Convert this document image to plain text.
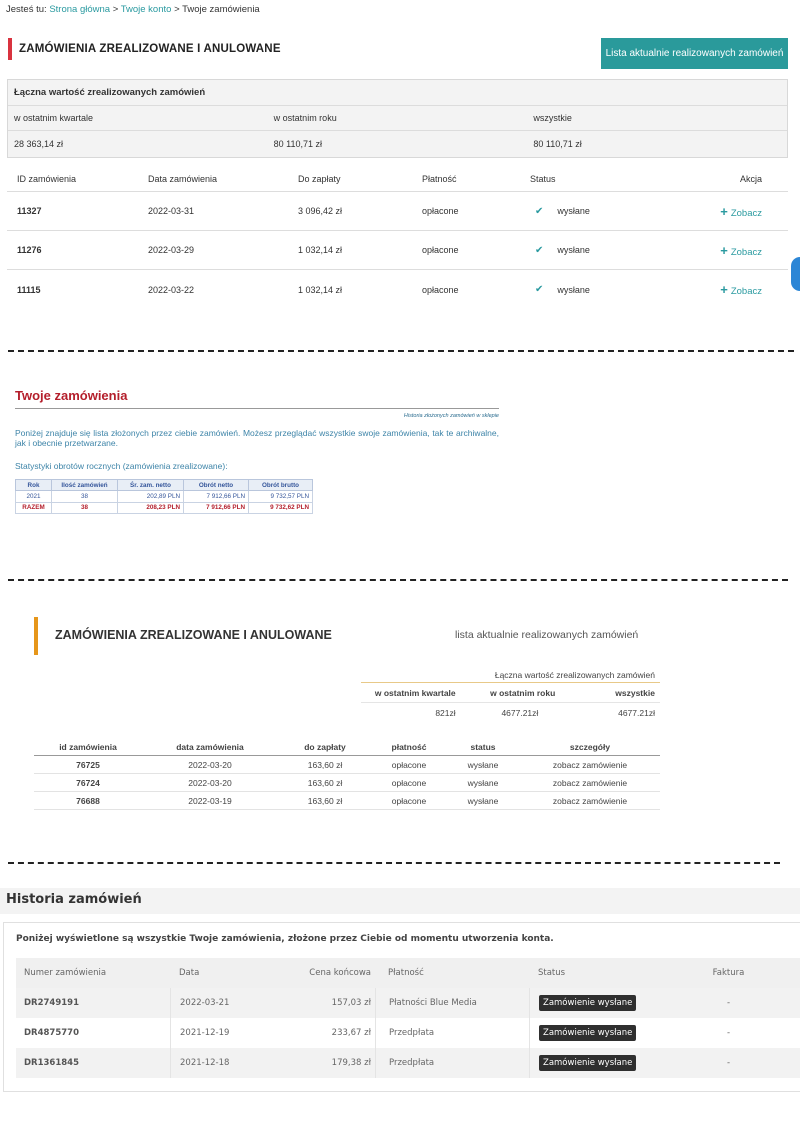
Jesteś tu: Strona główna > Twoje konto > Twoje zamówienia
ZAMÓWIENIA ZREALIZOWANE I ANULOWANE	Lista aktualnie realizowanych zamówień
Łączna wartość zrealizowanych zamówień
w ostatnim kwartale	w ostatnim roku	wszystkie
28 363,14 zł	80 110,71 zł	80 110,71 zł
ID zamówienia	Data zamówienia	Do zapłaty	Płatność	Status	Akcja
11327	2022-03-31	3 096,42 zł	opłacone	✔ wysłane	+ Zobacz
11276	2022-03-29	1 032,14 zł	opłacone	✔ wysłane	+ Zobacz
11115	2022-03-22	1 032,14 zł	opłacone	✔ wysłane	+ Zobacz
Twoje zamówienia
Historia złożonych zamówień w sklepie
Poniżej znajduje się lista złożonych przez ciebie zamówień. Możesz przeglądać wszystkie swoje zamówienia, tak te archiwalne, jak i obecnie przetwarzane.
Statystyki obrotów rocznych (zamówienia zrealizowane):
Rok	Ilość zamówień	Śr. zam. netto	Obrót netto	Obrót brutto
2021	38	202,89 PLN	7 912,66 PLN	9 732,57 PLN
RAZEM	38	208,23 PLN	7 912,66 PLN	9 732,62 PLN
ZAMÓWIENIA ZREALIZOWANE I ANULOWANE	lista aktualnie realizowanych zamówień
Łączna wartość zrealizowanych zamówień
w ostatnim kwartale	w ostatnim roku	wszystkie
821zł	4677.21zł	4677.21zł
id zamówienia	data zamówienia	do zapłaty	płatność	status	szczegóły
76725	2022-03-20	163,60 zł	opłacone	wysłane	zobacz zamówienie
76724	2022-03-20	163,60 zł	opłacone	wysłane	zobacz zamówienie
76688	2022-03-19	163,60 zł	opłacone	wysłane	zobacz zamówienie
Historia zamówień
Poniżej wyświetlone są wszystkie Twoje zamówienia, złożone przez Ciebie od momentu utworzenia konta.
Numer zamówienia	Data	Cena końcowa	Płatność	Status	Faktura
DR2749191	2022-03-21	157,03 zł	Płatności Blue Media	Zamówienie wysłane	-
DR4875770	2021-12-19	233,67 zł	Przedpłata	Zamówienie wysłane	-
DR1361845	2021-12-18	179,38 zł	Przedpłata	Zamówienie wysłane	-
